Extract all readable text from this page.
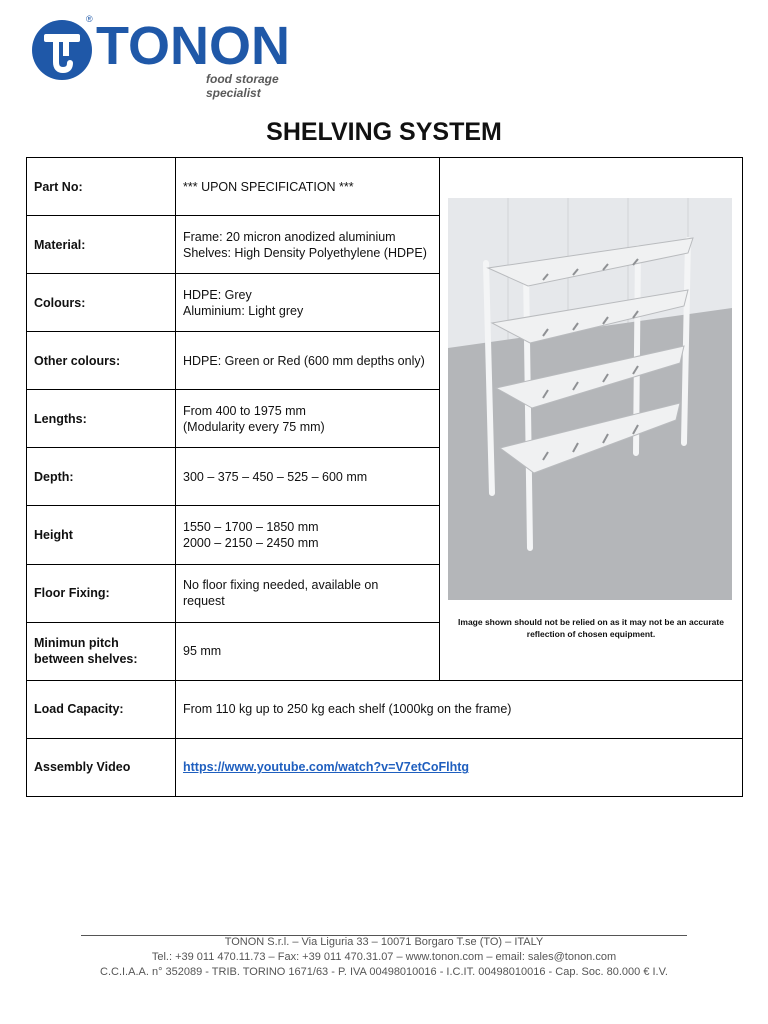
® TONON
food storage specialist
SHELVING SYSTEM
Part No:	*** UPON SPECIFICATION ***	Image shown should not be relied on as it may not be an accurate
reflection of chosen equipment.

Material:	Frame: 20 micron anodized aluminium
Shelves: High Density Polyethylene (HDPE)	

Colours:	HDPE: Grey
Aluminium: Light grey	

Other colours:	HDPE: Green or Red (600 mm depths only)	

Lengths:	From 400 to 1975 mm
(Modularity every 75 mm)	

Depth:	300 – 375 – 450 – 525 – 600 mm	

Height	1550 – 1700 – 1850 mm
2000 – 2150 – 2450 mm	

Floor Fixing:	No floor fixing needed, available on
request	

Minimun pitch
between shelves:	95 mm	

Load Capacity:	From 110 kg up to 250 kg each shelf (1000kg on the frame)	
Assembly Video	https://www.youtube.com/watch?v=V7etCoFlhtg	
TONON S.r.l. – Via Liguria 33 – 10071 Borgaro T.se (TO) – ITALY
Tel.: +39 011 470.11.73 – Fax: +39 011 470.31.07 – www.tonon.com – email: sales@tonon.com
C.C.I.A.A. n° 352089 - TRIB. TORINO 1671/63 - P. IVA 00498010016 - I.C.IT. 00498010016 - Cap. Soc. 80.000 € I.V.
